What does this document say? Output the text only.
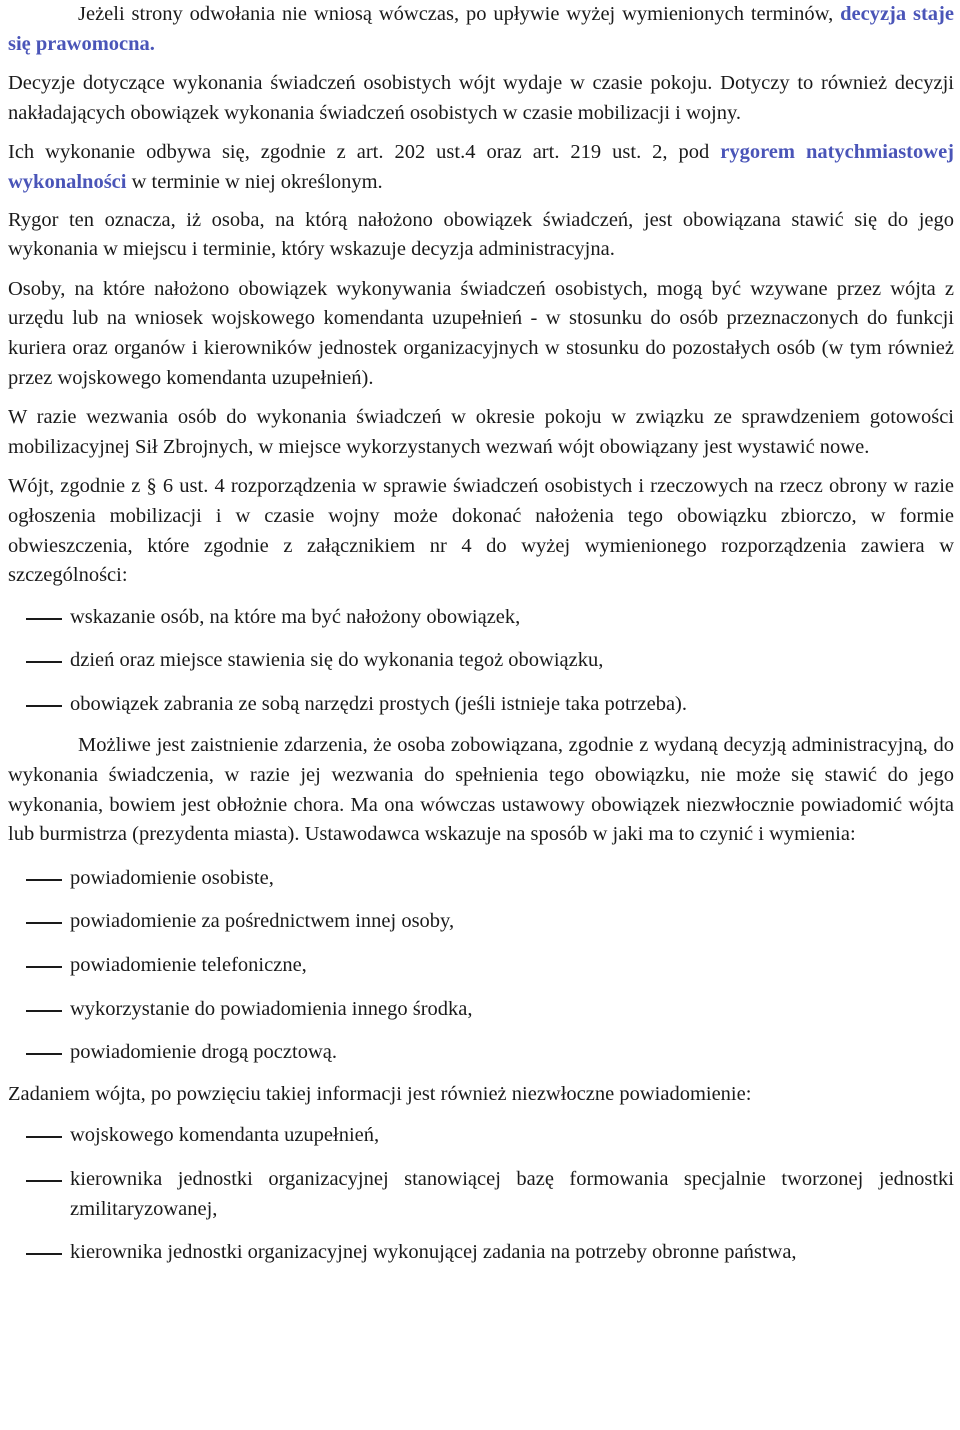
Jeżeli strony odwołania nie wniosą wówczas, po upływie wyżej wymienionych terminów, decyzja staje się prawomocna.

Decyzje dotyczące wykonania świadczeń osobistych wójt wydaje w czasie pokoju. Dotyczy to również decyzji nakładających obowiązek wykonania świadczeń osobistych w czasie mobilizacji i wojny.

Ich wykonanie odbywa się, zgodnie z art. 202 ust.4 oraz art. 219 ust. 2, pod rygorem natychmiastowej wykonalności w terminie w niej określonym.

Rygor ten oznacza, iż osoba, na którą nałożono obowiązek świadczeń, jest obowiązana stawić się do jego wykonania w miejscu i terminie, który wskazuje decyzja administracyjna.

Osoby, na które nałożono obowiązek wykonywania świadczeń osobistych, mogą być wzywane przez wójta z urzędu lub na wniosek wojskowego komendanta uzupełnień - w stosunku do osób przeznaczonych do funkcji kuriera oraz organów i kierowników jednostek organizacyjnych w stosunku do pozostałych osób (w tym również przez wojskowego komendanta uzupełnień).

W razie wezwania osób do wykonania świadczeń w okresie pokoju w związku ze sprawdzeniem gotowości mobilizacyjnej Sił Zbrojnych, w miejsce wykorzystanych wezwań wójt obowiązany jest wystawić nowe.

Wójt, zgodnie z § 6 ust. 4 rozporządzenia w sprawie świadczeń osobistych i rzeczowych na rzecz obrony w razie ogłoszenia mobilizacji i w czasie wojny może dokonać nałożenia tego obowiązku zbiorczo, w formie obwieszczenia, które zgodnie z załącznikiem nr 4 do wyżej wymienionego rozporządzenia zawiera w szczególności:

wskazanie osób, na które ma być nałożony obowiązek,
dzień oraz miejsce stawienia się do wykonania tegoż obowiązku,
obowiązek zabrania ze sobą narzędzi prostych (jeśli istnieje taka potrzeba).

Możliwe jest zaistnienie zdarzenia, że osoba zobowiązana, zgodnie z wydaną decyzją administracyjną, do wykonania świadczenia, w razie jej wezwania do spełnienia tego obowiązku, nie może się stawić do jego wykonania, bowiem jest obłożnie chora. Ma ona wówczas ustawowy obowiązek niezwłocznie powiadomić wójta lub burmistrza (prezydenta miasta). Ustawodawca wskazuje na sposób w jaki ma to czynić i wymienia:

powiadomienie osobiste,
powiadomienie za pośrednictwem innej osoby,
powiadomienie telefoniczne,
wykorzystanie do powiadomienia innego środka,
powiadomienie drogą pocztową.

Zadaniem wójta, po powzięciu takiej informacji jest również niezwłoczne powiadomienie:

wojskowego komendanta uzupełnień,
kierownika jednostki organizacyjnej stanowiącej bazę formowania specjalnie tworzonej jednostki zmilitaryzowanej,
kierownika jednostki organizacyjnej wykonującej zadania na potrzeby obronne państwa,
